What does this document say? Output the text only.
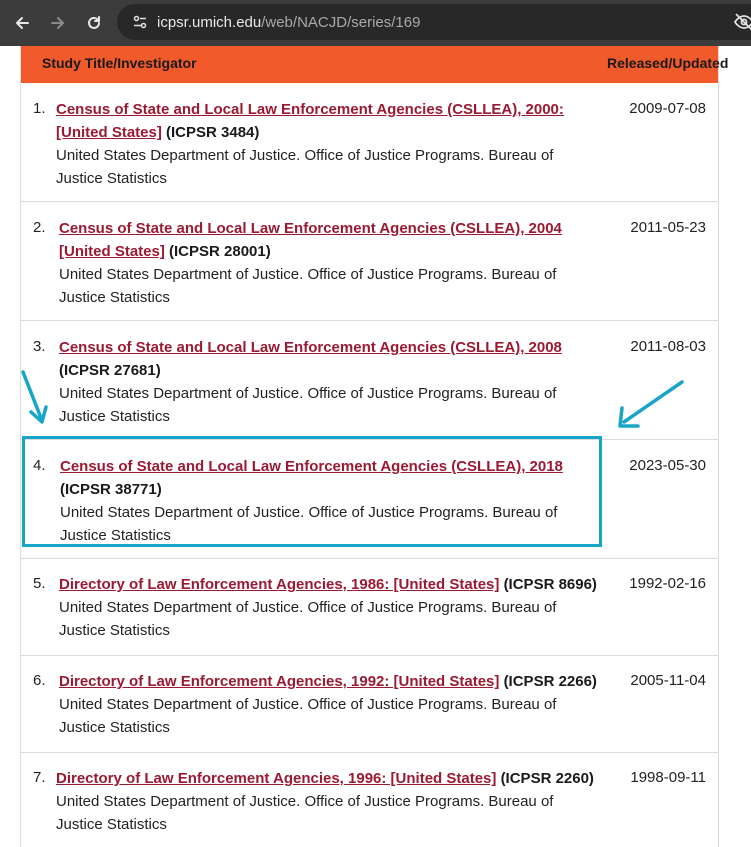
icpsr.umich.edu/web/NACJD/series/169
Study Title/Investigator	Released/Updated
1. Census of State and Local Law Enforcement Agencies (CSLLEA), 2000: [United States] (ICPSR 3484)
United States Department of Justice. Office of Justice Programs. Bureau of Justice Statistics
2009-07-08
2. Census of State and Local Law Enforcement Agencies (CSLLEA), 2004 [United States] (ICPSR 28001)
United States Department of Justice. Office of Justice Programs. Bureau of Justice Statistics
2011-05-23
3. Census of State and Local Law Enforcement Agencies (CSLLEA), 2008 (ICPSR 27681)
United States Department of Justice. Office of Justice Programs. Bureau of Justice Statistics
2011-08-03
4. Census of State and Local Law Enforcement Agencies (CSLLEA), 2018 (ICPSR 38771)
United States Department of Justice. Office of Justice Programs. Bureau of Justice Statistics
2023-05-30
5. Directory of Law Enforcement Agencies, 1986: [United States] (ICPSR 8696)
United States Department of Justice. Office of Justice Programs. Bureau of Justice Statistics
1992-02-16
6. Directory of Law Enforcement Agencies, 1992: [United States] (ICPSR 2266)
United States Department of Justice. Office of Justice Programs. Bureau of Justice Statistics
2005-11-04
7. Directory of Law Enforcement Agencies, 1996: [United States] (ICPSR 2260)
United States Department of Justice. Office of Justice Programs. Bureau of Justice Statistics
1998-09-11
